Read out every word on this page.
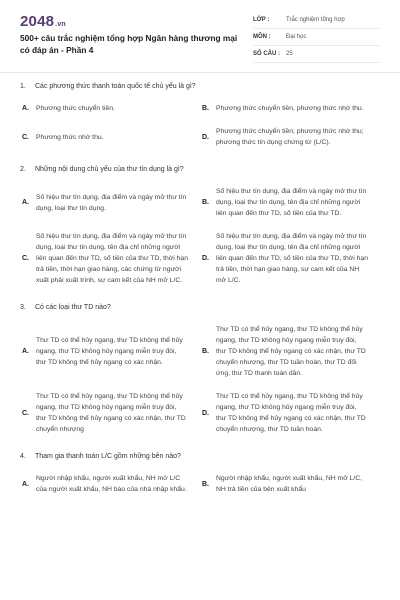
2048.vn
500+ câu trắc nghiệm tổng hợp Ngân hàng thương mại có đáp án - Phần 4
LỚP :	Trắc nghiệm tổng hợp
MÔN :	Đại học
SỐ CÂU :	25
1.	Các phương thức thanh toán quốc tế chủ yếu là gì?
A.	Phương thức chuyển tiền.	B.	Phương thức chuyển tiền, phương thức nhờ thu.
C.	Phương thức nhờ thu.	D.
Phương thức chuyển tiền; phương thức nhờ thu; phương thức tín dụng chứng từ (L/C).
2.	Những nội dung chủ yếu của thư tín dụng là gì?
A.
Số hiệu thư tín dụng, địa điểm và ngày mở thư tín dụng, loại thư tín dụng.
B.
Số hiệu thư tín dụng, địa điểm và ngày mở thư tín dụng, loại thư tín dụng, tên địa chỉ những người liên quan đến thư TD, số tiền của thư TD.
C.
Số hiệu thư tín dụng, địa điểm và ngày mở thư tín dụng, loại thư tín dụng, tên địa chỉ những người liên quan đến thư TD, số tiền của thư TD, thời hạn trả tiền, thời hạn giao hàng, các chứng từ người xuất phải xuất trình, sự cam kết của NH mở L/C.
D.
Số hiệu thư tín dụng, địa điểm và ngày mở thư tín dụng, loại thư tín dụng, tên địa chỉ những người liên quan đến thư TD, số tiền của thư TD, thời hạn trả tiền, thời hạn giao hàng, sự cam kết của NH mở L/C.
3.	Có các loại thư TD nào?
A.
Thư TD có thể hủy ngang, thư TD không thể hủy ngang, thư TD không hủy ngang miễn truy đòi, thư TD không thể hủy ngang có xác nhận.
B.
Thư TD có thể hủy ngang, thư TD không thể hủy ngang, thư TD không hủy ngang miễn truy đòi, thư TD không thể hủy ngang có xác nhận, thư TD chuyển nhượng, thư TD tuần hoàn, thư TD đối ứng, thư TD thanh toán dần.
C.
Thư TD có thể hủy ngang, thư TD không thể hủy ngang, thư TD không hủy ngang miễn truy đòi, thư TD không thể hủy ngang có xác nhận, thư TD chuyển nhượng
D.
Thư TD có thể hủy ngang, thư TD không thể hủy ngang, thư TD không hủy ngang miễn truy đòi, thư TD không thể hủy ngang có xác nhận, thư TD chuyển nhượng, thư TD tuần hoàn.
4.	Tham gia thanh toán L/C gồm những bên nào?
A.
Người nhập khẩu, người xuất khẩu, NH mở L/C của người xuất khẩu, NH báo của nhà nhập khẩu.
B.
Người nhập khẩu, người xuất khẩu, NH mở L/C, NH trả tiền của bên xuất khẩu
